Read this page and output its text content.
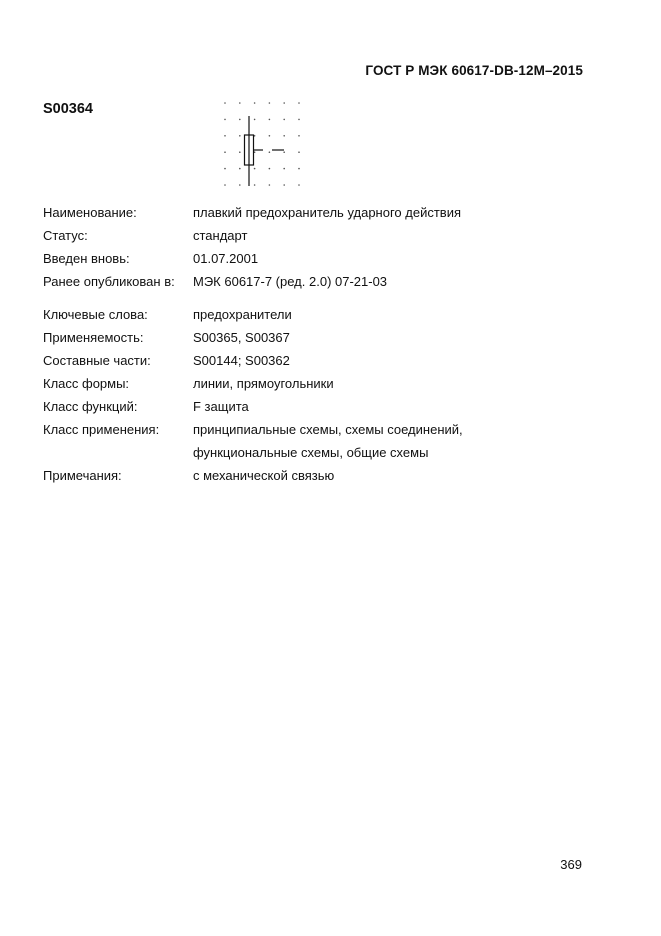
ГОСТ Р МЭК 60617-DB-12M–2015
S00364
Наименование:	плавкий предохранитель ударного действия
Статус:	стандарт
Введен вновь:	01.07.2001
Ранее опубликован в: МЭК 60617-7 (ред. 2.0) 07-21-03
Ключевые слова:	предохранители
Применяемость:	S00365, S00367
Составные части:	S00144; S00362
Класс формы:	линии, прямоугольники
Класс функций:	F защита
Класс применения:	принципиальные схемы, схемы соединений,
функциональные схемы, общие схемы
Примечания:	с механической связью
369
